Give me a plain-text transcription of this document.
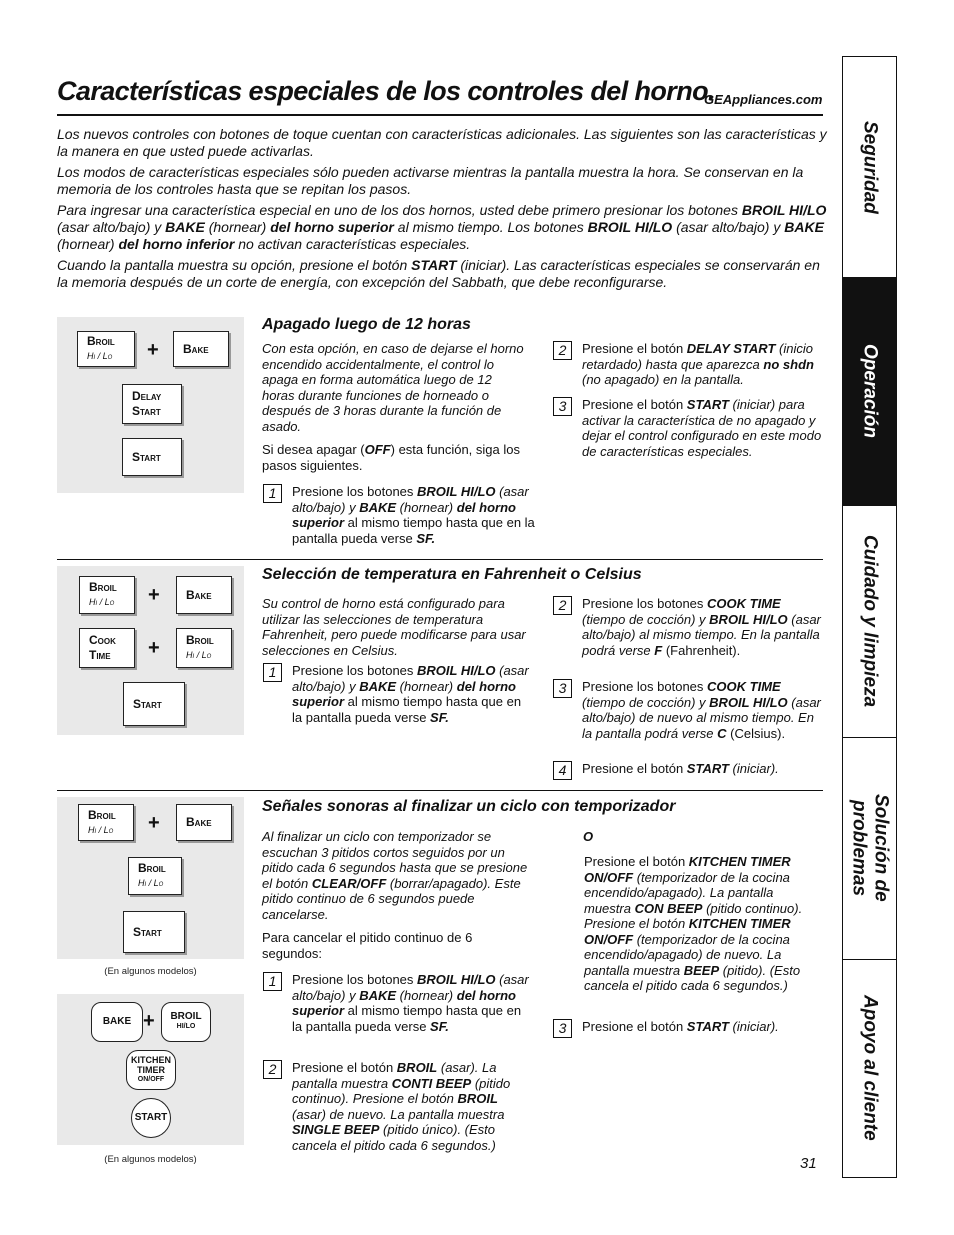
Características especiales de los controles del horno.
GEAppliances.com

Los nuevos controles con botones de toque cuentan con características adicionales. Las siguientes son las características y la manera en que usted puede activarlas.

Los modos de características especiales sólo pueden activarse mientras la pantalla muestra la hora. Se conservan en la memoria de los controles hasta que se repitan los pasos.

Para ingresar una característica especial en uno de los dos hornos, usted debe primero presionar los botones BROIL HI/LO (asar alto/bajo) y BAKE (hornear) del horno superior al mismo tiempo. Los botones BROIL HI/LO (asar alto/bajo) y BAKE (hornear) del horno inferior no activan características especiales.

Cuando la pantalla muestra su opción, presione el botón START (iniciar). Las características especiales se conservarán en la memoria después de un corte de energía, con excepción del Sabbath, que debe reconfigurarse.

Broil
Hi / Lo + Bake
Delay
Start
Start
Apagado luego de 12 horas

Con esta opción, en caso de dejarse el horno encendido accidentalmente, el control lo apaga en forma automática luego de 12 horas durante funciones de horneado o después de 3 horas durante la función de asado.

Si desea apagar (OFF) esta función, siga los pasos siguientes.

1	Presione los botones BROIL HI/LO (asar alto/bajo) y BAKE (hornear) del horno superior al mismo tiempo hasta que en la pantalla pueda verse SF.
2	Presione el botón DELAY START (inicio retardado) hasta que aparezca no shdn (no apagado) en la pantalla.
3	Presione el botón START (iniciar) para activar la característica de no apagado y dejar el control configurado en este modo de características especiales.
Broil
Hi / Lo + Bake
Cook
Time + Broil
Hi / Lo
Start
Selección de temperatura en Fahrenheit o Celsius
Su control de horno está configurado para utilizar las selecciones de temperatura Fahrenheit, pero puede modificarse para usar selecciones en Celsius.
1	Presione los botones BROIL HI/LO (asar alto/bajo) y BAKE (hornear) del horno superior al mismo tiempo hasta que en la pantalla pueda verse SF.
2	Presione los botones COOK TIME (tiempo de cocción) y BROIL HI/LO (asar alto/bajo) al mismo tiempo. En la pantalla podrá verse F (Fahrenheit).
3	Presione los botones COOK TIME (tiempo de cocción) y BROIL HI/LO (asar alto/bajo) de nuevo al mismo tiempo. En la pantalla podrá verse C (Celsius).
4	Presione el botón START (iniciar).
Broil
Hi / Lo + Bake
Broil
Hi / Lo
Start
(En algunos modelos)
BAKE + BROIL
HI/LO
KITCHEN
TIMER
ON/OFF
START
(En algunos modelos)
Señales sonoras al finalizar un ciclo con temporizador

Al finalizar un ciclo con temporizador se escuchan 3 pitidos cortos seguidos por un pitido cada 6 segundos hasta que se presione el botón CLEAR/OFF (borrar/apagado). Este pitido continuo de 6 segundos puede cancelarse.

Para cancelar el pitido continuo de 6 segundos:

1	Presione los botones BROIL HI/LO (asar alto/bajo) y BAKE (hornear) del horno superior al mismo tiempo hasta que en la pantalla pueda verse SF.
2	Presione el botón BROIL (asar). La pantalla muestra CONTI BEEP (pitido continuo). Presione el botón BROIL (asar) de nuevo. La pantalla muestra SINGLE BEEP (pitido único). (Esto cancela el pitido cada 6 segundos.)
O
Presione el botón KITCHEN TIMER ON/OFF (temporizador de la cocina encendido/apagado). La pantalla muestra CON BEEP (pitido continuo). Presione el botón KITCHEN TIMER ON/OFF (temporizador de la cocina encendido/apagado) de nuevo. La pantalla muestra BEEP (pitido). (Esto cancela el pitido cada 6 segundos.)
3	Presione el botón START (iniciar).
31
Seguridad
Operación
Cuidado y limpieza
Solución de problemas
Apoyo al cliente
